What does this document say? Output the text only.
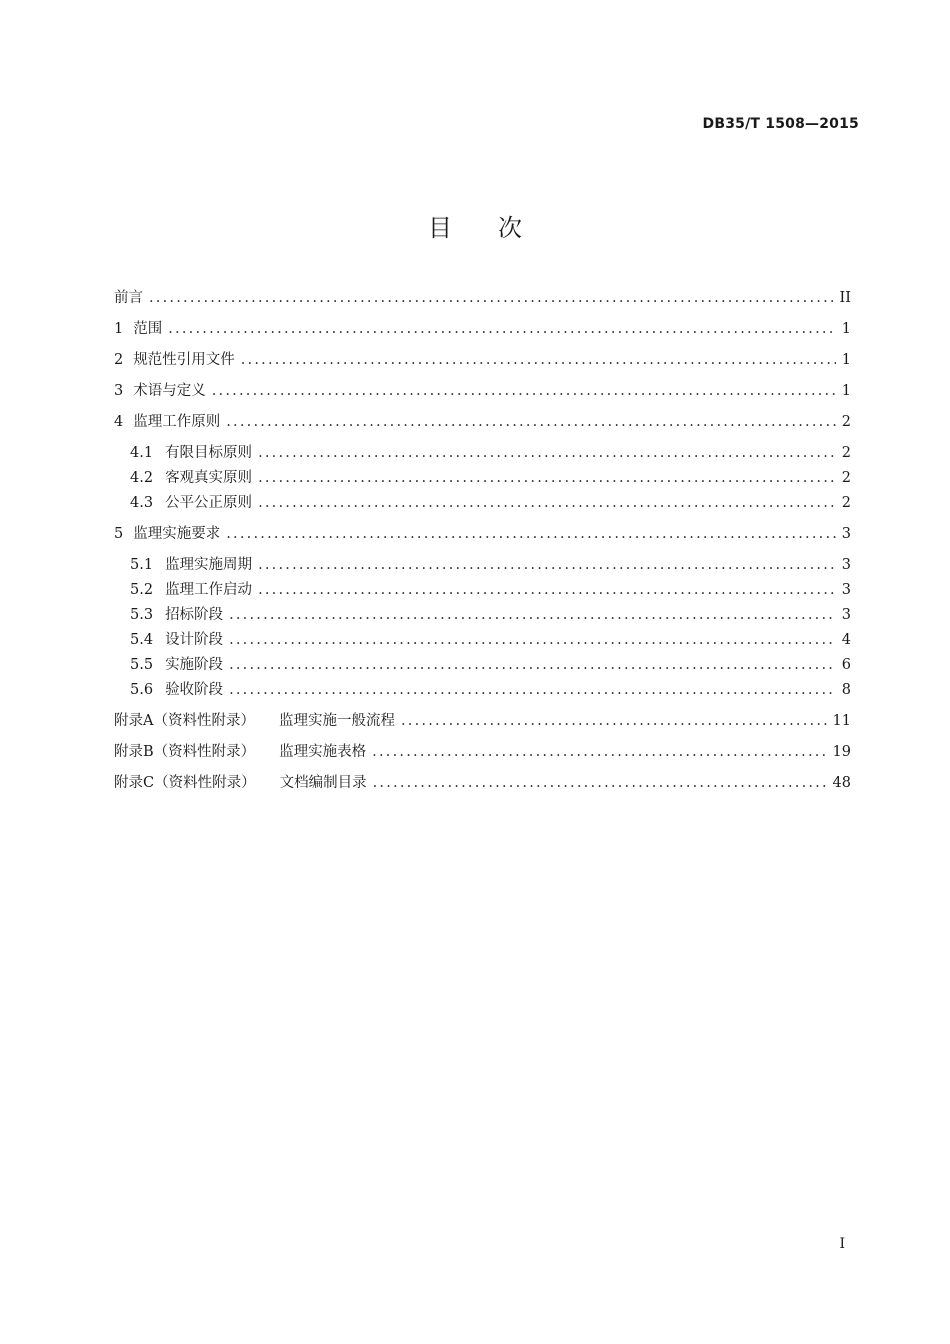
DB35/T 1508—2015
目次
前言 .....	II
1 范围 .....	1
2 规范性引用文件 .....	1
3 术语与定义 .....	1
4 监理工作原则 .....	2
4.1 有限目标原则 .....	2
4.2 客观真实原则 .....	2
4.3 公平公正原则 .....	2
5 监理实施要求 .....	3
5.1 监理实施周期 .....	3
5.2 监理工作启动 .....	3
5.3 招标阶段 .....	3
5.4 设计阶段 .....	4
5.5 实施阶段 .....	6
5.6 验收阶段 .....	8
附录A（资料性附录） 监理实施一般流程 .....	11
附录B（资料性附录） 监理实施表格 .....	19
附录C（资料性附录） 文档编制目录 .....	48
I
